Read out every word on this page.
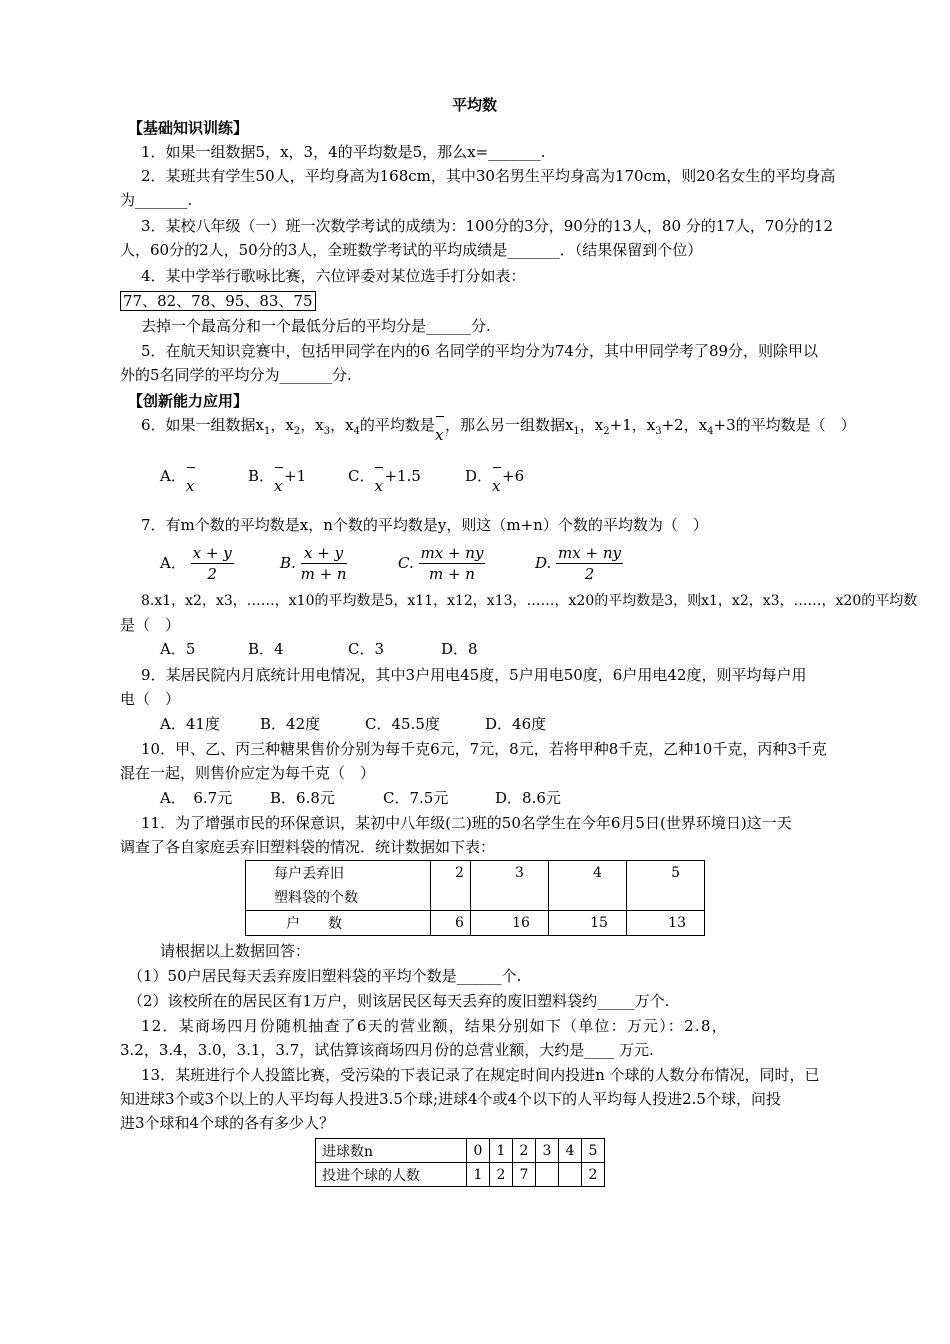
平均数
【基础知识训练】
1．如果一组数据5，x，3，4的平均数是5，那么x=_______.
2．某班共有学生50人，平均身高为168cm，其中30名男生平均身高为170cm，则20名女生的平均身高
为_______.
3．某校八年级（一）班一次数学考试的成绩为：100分的3分，90分的13人，80 分的17人，70分的12
人，60分的2人，50分的3人，全班数学考试的平均成绩是_______．（结果保留到个位）
4．某中学举行歌咏比赛，六位评委对某位选手打分如表：
77、82、78、95、83、75
去掉一个最高分和一个最低分后的平均分是______分.
5．在航天知识竞赛中，包括甲同学在内的6 名同学的平均分为74分，其中甲同学考了89分，则除甲以
外的5名同学的平均分为_______分.
【创新能力应用】
6．如果一组数据$x_1$，$x_2$，$x_3$，$x_4$的平均数是
x
，那么另一组数据$x_1$，$x_2+1$，$x_3+2$，$x_4+3$的平均数是（　）
A．
x

B．
x
+1	C．
x
+1.5	D．
x
+6
7．有m个数的平均数是x，n个数的平均数是y，则这（m+n）个数的平均数为（　）
A． $\frac{x + y}{2}$	B. $\frac{x + y}{m + n}$	C. $\frac{mx + ny}{m + n}$	D. $\frac{mx + ny}{2}$
8.x1，x2，x3，……，x10的平均数是5，x11，x12，x13，……，x20的平均数是3，则x1，x2，x3，……，x20的平均数
是（　）
A．5	B．4	C．3	D．8
9．某居民院内月底统计用电情况，其中3户用电45度，5户用电50度，6户用电42度，则平均每户用
电（　）
A．41度	B．42度	C．45.5度	D．46度
10．甲、乙、丙三种糖果售价分别为每千克6元，7元，8元，若将甲种8千克，乙种10千克，丙种3千克
混在一起，则售价应定为每千克（　）
A．　6.7元	B．6.8元	C．7.5元	D．8.6元
11．为了增强市民的环保意识，某初中八年级(二)班的50名学生在今年6月5日(世界环境日)这一天
调查了各自家庭丢弃旧塑料袋的情况．统计数据如下表：
每户丢弃旧
塑料袋的个数	2	3	4	5
户　　数	6	16	15	13
请根据以上数据回答：
（1）50户居民每天丢弃废旧塑料袋的平均个数是______个.
（2）该校所在的居民区有1万户，则该居民区每天丢弃的废旧塑料袋约_____万个.
12．某商场四月份随机抽查了6天的营业额，结果分别如下（单位：万元）：2.8，
3.2，3.4，3.0，3.1，3.7，试估算该商场四月份的总营业额，大约是____ 万元.
13．某班进行个人投篮比赛，受污染的下表记录了在规定时间内投进n 个球的人数分布情况，同时，已
知进球3个或3个以上的人平均每人投进3.5个球;进球4个或4个以下的人平均每人投进2.5个球，问投
进3个球和4个球的各有多少人？
进球数n	0	1	2	3	4	5
投进个球的人数	1	2	7			2
